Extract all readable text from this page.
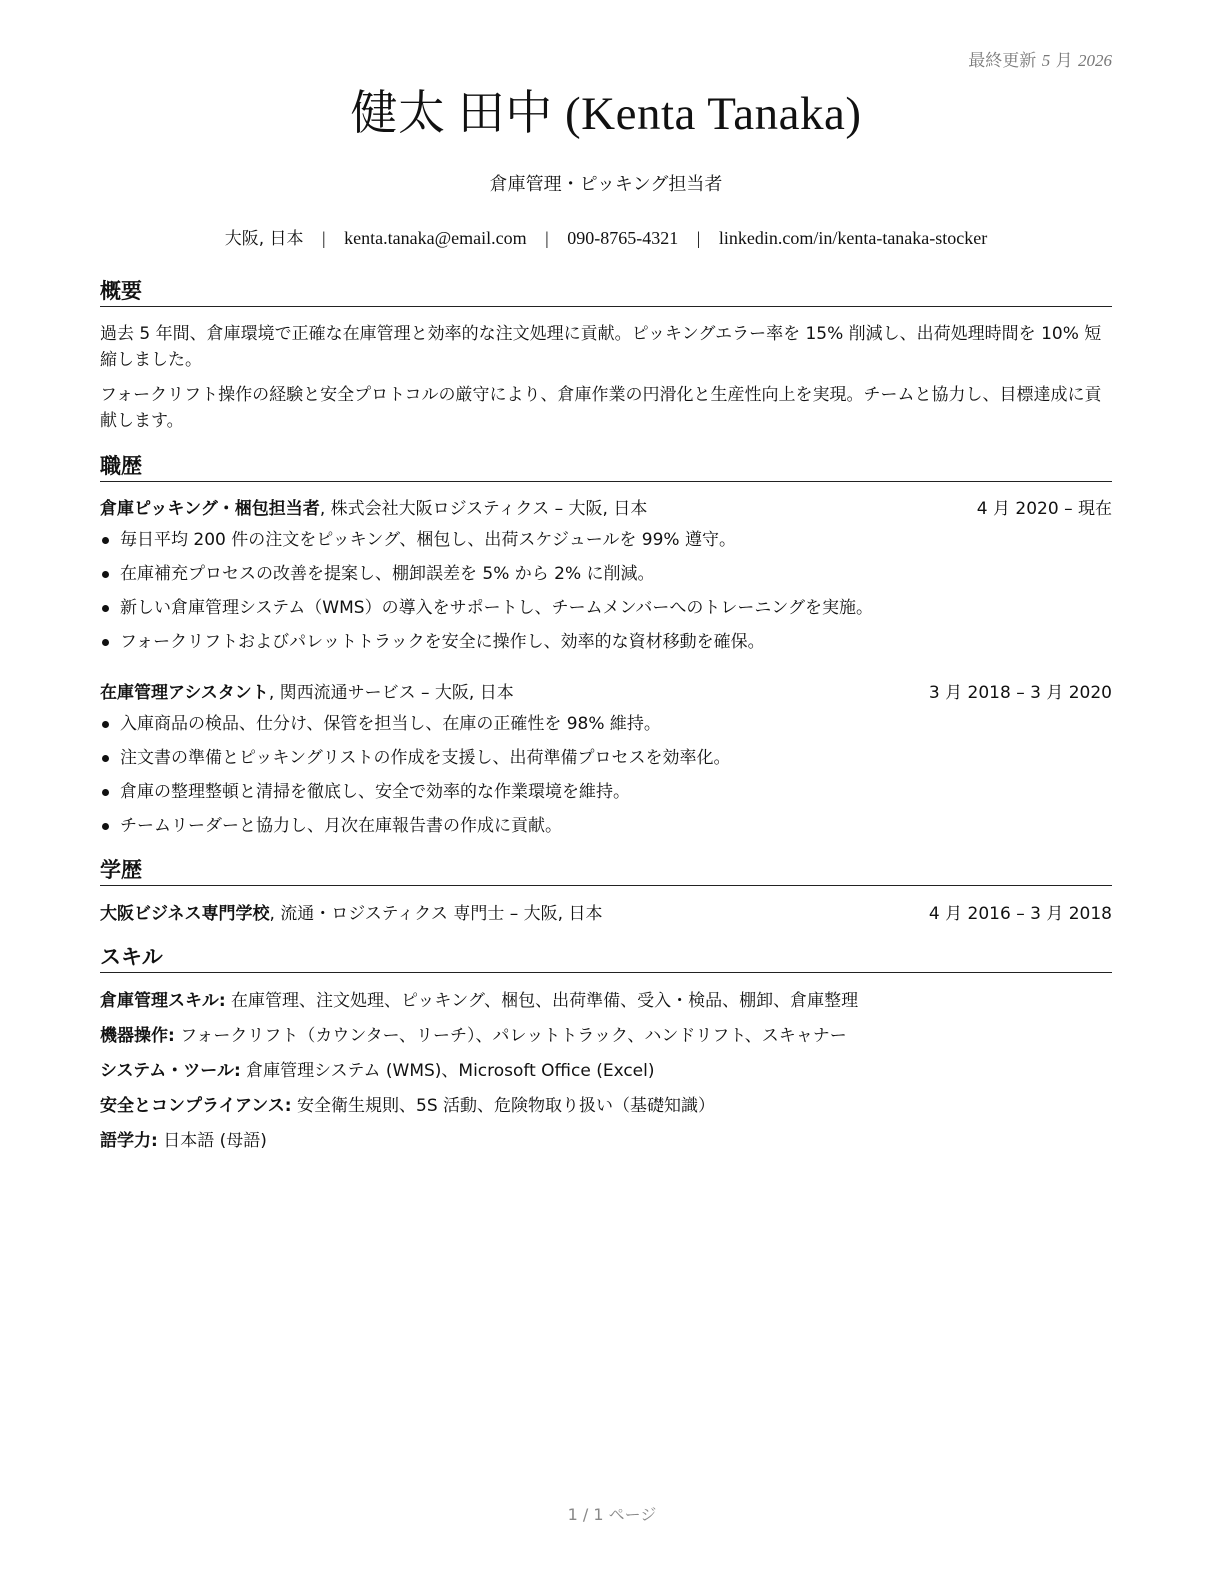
最終更新 5 月 2026
健太 田中 (Kenta Tanaka)
倉庫管理・ピッキング担当者
大阪, 日本 | kenta.tanaka@email.com | 090-8765-4321 | linkedin.com/in/kenta-tanaka-stocker
概要
過去 5 年間、倉庫環境で正確な在庫管理と効率的な注文処理に貢献。ピッキングエラー率を 15% 削減し、出荷処理時間を 10% 短縮しました。
フォークリフト操作の経験と安全プロトコルの厳守により、倉庫作業の円滑化と生産性向上を実現。チームと協力し、目標達成に貢献します。
職歴
倉庫ピッキング・梱包担当者, 株式会社大阪ロジスティクス – 大阪, 日本	4 月 2020 – 現在
毎日平均 200 件の注文をピッキング、梱包し、出荷スケジュールを 99% 遵守。
在庫補充プロセスの改善を提案し、棚卸誤差を 5% から 2% に削減。
新しい倉庫管理システム（WMS）の導入をサポートし、チームメンバーへのトレーニングを実施。
フォークリフトおよびパレットトラックを安全に操作し、効率的な資材移動を確保。
在庫管理アシスタント, 関西流通サービス – 大阪, 日本	3 月 2018 – 3 月 2020
入庫商品の検品、仕分け、保管を担当し、在庫の正確性を 98% 維持。
注文書の準備とピッキングリストの作成を支援し、出荷準備プロセスを効率化。
倉庫の整理整頓と清掃を徹底し、安全で効率的な作業環境を維持。
チームリーダーと協力し、月次在庫報告書の作成に貢献。
学歴
大阪ビジネス専門学校, 流通・ロジスティクス 専門士 – 大阪, 日本	4 月 2016 – 3 月 2018
スキル
倉庫管理スキル: 在庫管理、注文処理、ピッキング、梱包、出荷準備、受入・検品、棚卸、倉庫整理
機器操作: フォークリフト（カウンター、リーチ）、パレットトラック、ハンドリフト、スキャナー
システム・ツール: 倉庫管理システム (WMS)、Microsoft Office (Excel)
安全とコンプライアンス: 安全衛生規則、5S 活動、危険物取り扱い（基礎知識）
語学力: 日本語 (母語)
1 / 1 ページ
